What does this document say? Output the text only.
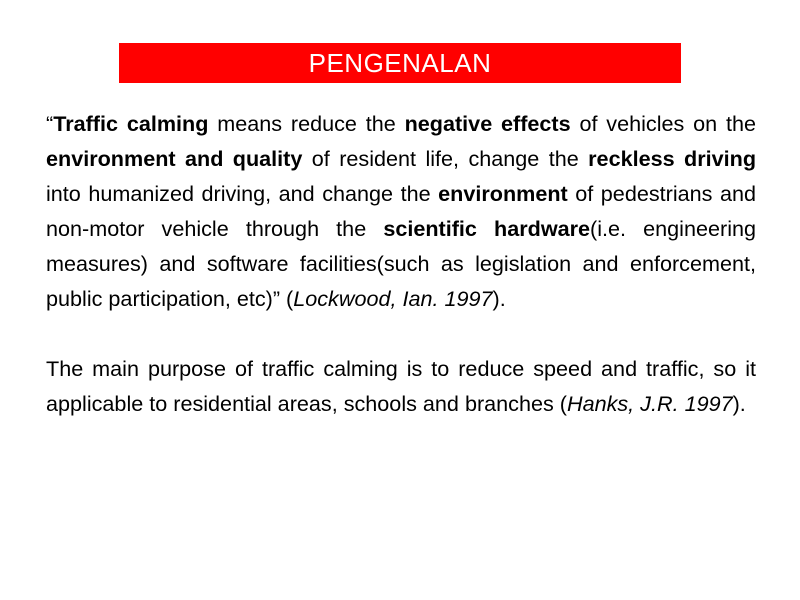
PENGENALAN

“Traffic calming means reduce the negative effects of vehicles on the environment and quality of resident life, change the reckless driving into humanized driving, and change the environment of pedestrians and non-motor vehicle through the scientific hardware(i.e. engineering measures) and software facilities(such as legislation and enforcement, public participation, etc)” (Lockwood, Ian. 1997).

The main purpose of traffic calming is to reduce speed and traffic, so it applicable to residential areas, schools and branches (Hanks, J.R. 1997).
